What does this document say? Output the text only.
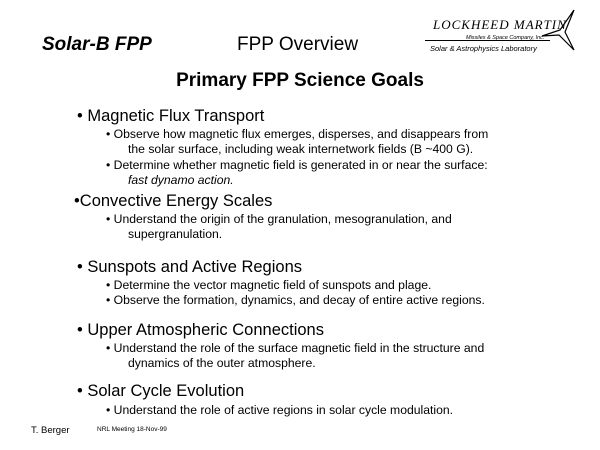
Solar-B FPP	FPP Overview
LOCKHEED MARTIN
Missiles & Space Company, Inc.
Solar & Astrophysics Laboratory
Primary FPP Science Goals
• Magnetic Flux Transport
• Observe how magnetic flux emerges, disperses, and disappears from
the solar surface, including weak internetwork fields (B ~400 G).
• Determine whether magnetic field is generated in or near the surface:
fast dynamo action.
•Convective Energy Scales
• Understand the origin of the granulation, mesogranulation, and
supergranulation.
• Sunspots and Active Regions
• Determine the vector magnetic field of sunspots and plage.
• Observe the formation, dynamics, and decay of entire active regions.
• Upper Atmospheric Connections
• Understand the role of the surface magnetic field in the structure and
dynamics of the outer atmosphere.
• Solar Cycle Evolution
• Understand the role of active regions in solar cycle modulation.
T. Berger	NRL Meeting 18-Nov-99
